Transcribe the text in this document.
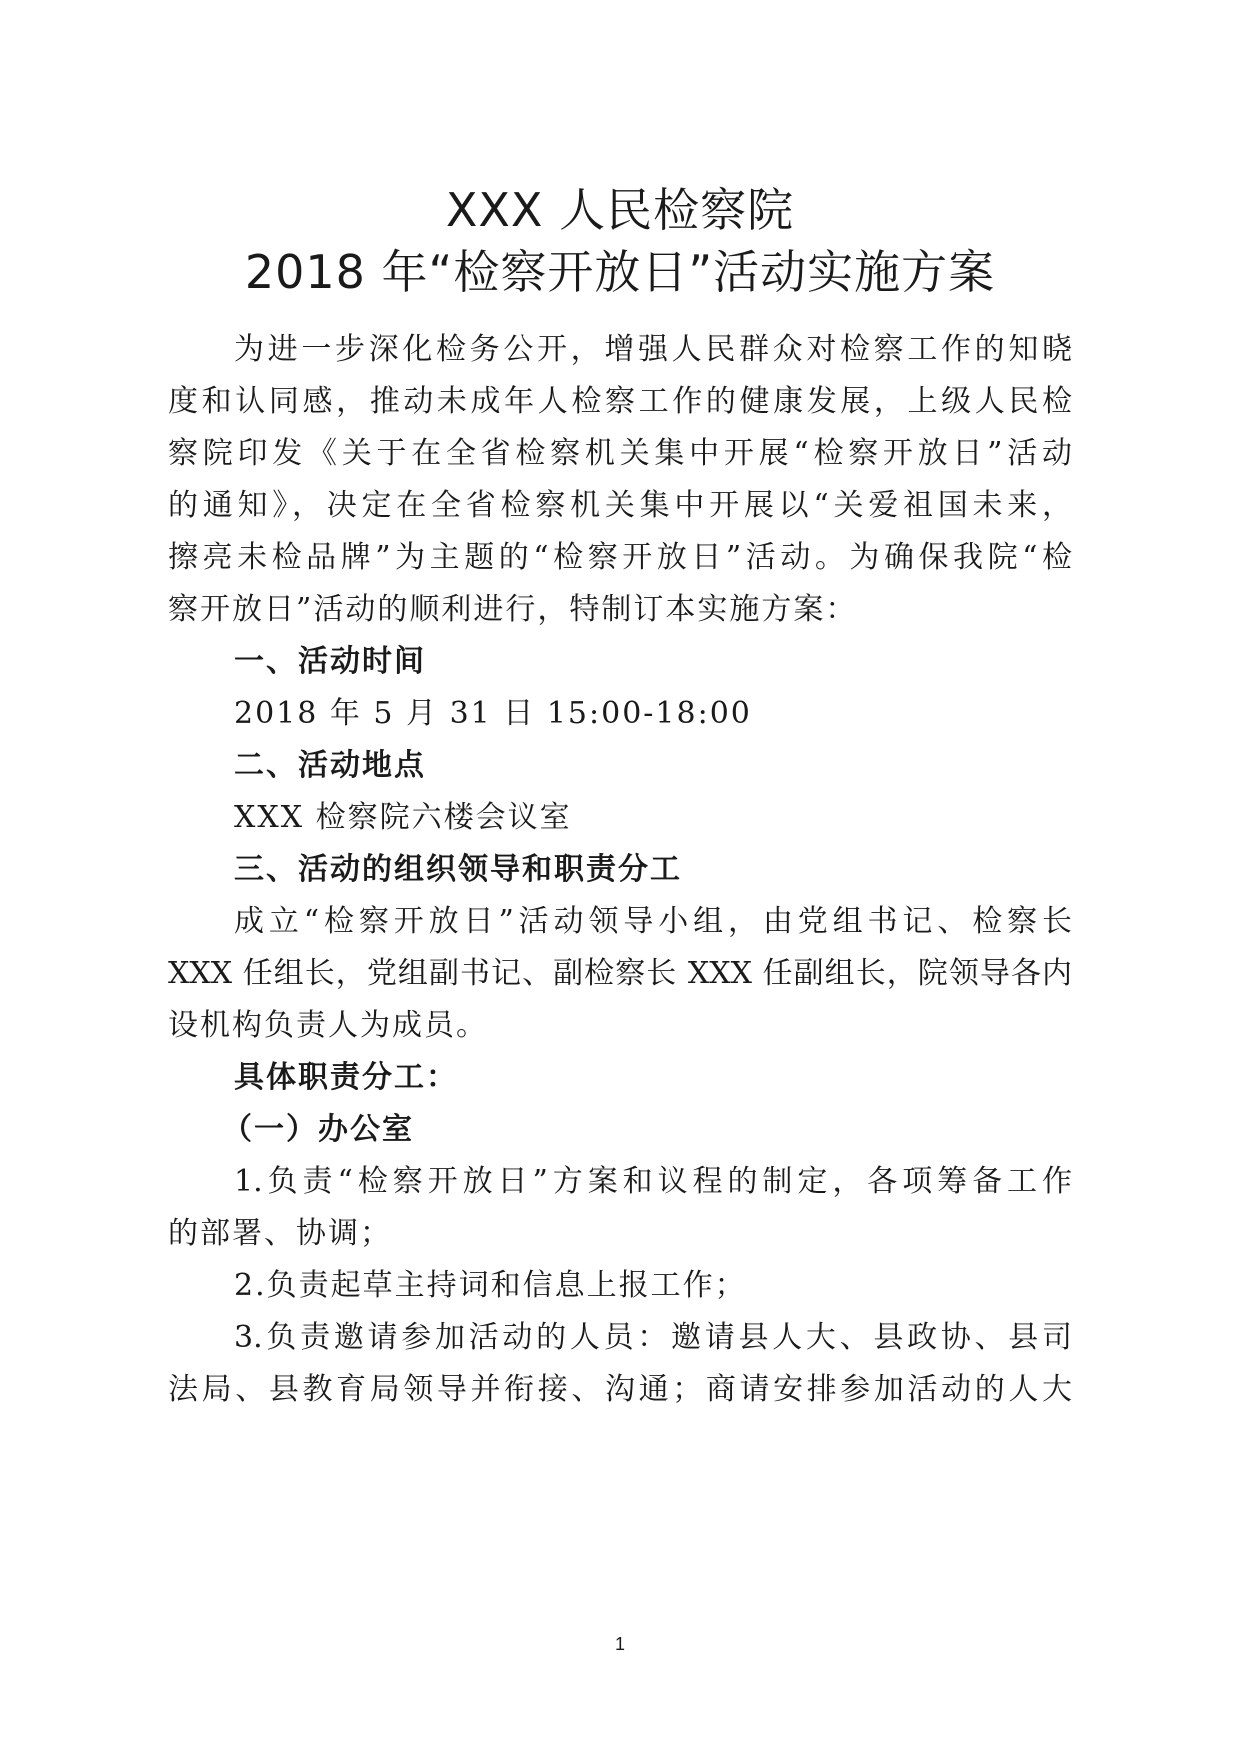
XXX 人民检察院
2018 年“检察开放日”活动实施方案
为进一步深化检务公开，增强人民群众对检察工作的知晓
度和认同感，推动未成年人检察工作的健康发展，上级人民检
察院印发《关于在全省检察机关集中开展“检察开放日”活动
的通知》，决定在全省检察机关集中开展以“关爱祖国未来，
擦亮未检品牌”为主题的“检察开放日”活动。为确保我院“检
察开放日”活动的顺利进行，特制订本实施方案：
一、活动时间
2018 年 5 月 31 日 15:00-18:00
二、活动地点
XXX 检察院六楼会议室
三、活动的组织领导和职责分工
成立“检察开放日”活动领导小组，由党组书记、检察长
XXX 任组长，党组副书记、副检察长 XXX 任副组长，院领导各内
设机构负责人为成员。
具体职责分工：
（一）办公室
1.负责“检察开放日”方案和议程的制定，各项筹备工作
的部署、协调；
2.负责起草主持词和信息上报工作；
3.负责邀请参加活动的人员：邀请县人大、县政协、县司
法局、县教育局领导并衔接、沟通；商请安排参加活动的人大
1
